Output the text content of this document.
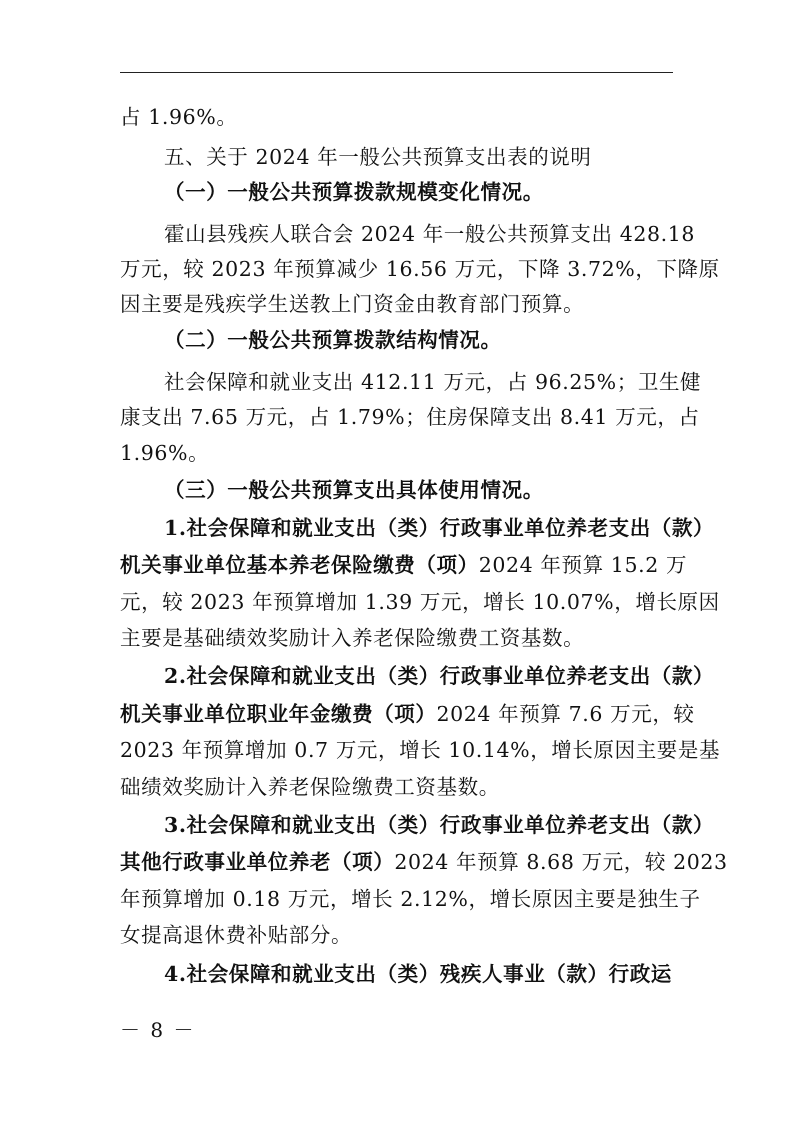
占 1.96%。
五、关于 2024 年一般公共预算支出表的说明
（一）一般公共预算拨款规模变化情况。
霍山县残疾人联合会 2024 年一般公共预算支出 428.18
万元，较 2023 年预算减少 16.56 万元，下降 3.72%，下降原
因主要是残疾学生送教上门资金由教育部门预算。
（二）一般公共预算拨款结构情况。
社会保障和就业支出 412.11 万元，占 96.25%；卫生健
康支出 7.65 万元，占 1.79%；住房保障支出 8.41 万元，占
1.96%。
（三）一般公共预算支出具体使用情况。
1.社会保障和就业支出（类）行政事业单位养老支出（款）
机关事业单位基本养老保险缴费（项）2024 年预算 15.2 万
元，较 2023 年预算增加 1.39 万元，增长 10.07%，增长原因
主要是基础绩效奖励计入养老保险缴费工资基数。
2.社会保障和就业支出（类）行政事业单位养老支出（款）
机关事业单位职业年金缴费（项）2024 年预算 7.6 万元，较
2023 年预算增加 0.7 万元，增长 10.14%，增长原因主要是基
础绩效奖励计入养老保险缴费工资基数。
3.社会保障和就业支出（类）行政事业单位养老支出（款）
其他行政事业单位养老（项）2024 年预算 8.68 万元，较 2023
年预算增加 0.18 万元，增长 2.12%，增长原因主要是独生子
女提高退休费补贴部分。
4.社会保障和就业支出（类）残疾人事业（款）行政运
－ 8 －
